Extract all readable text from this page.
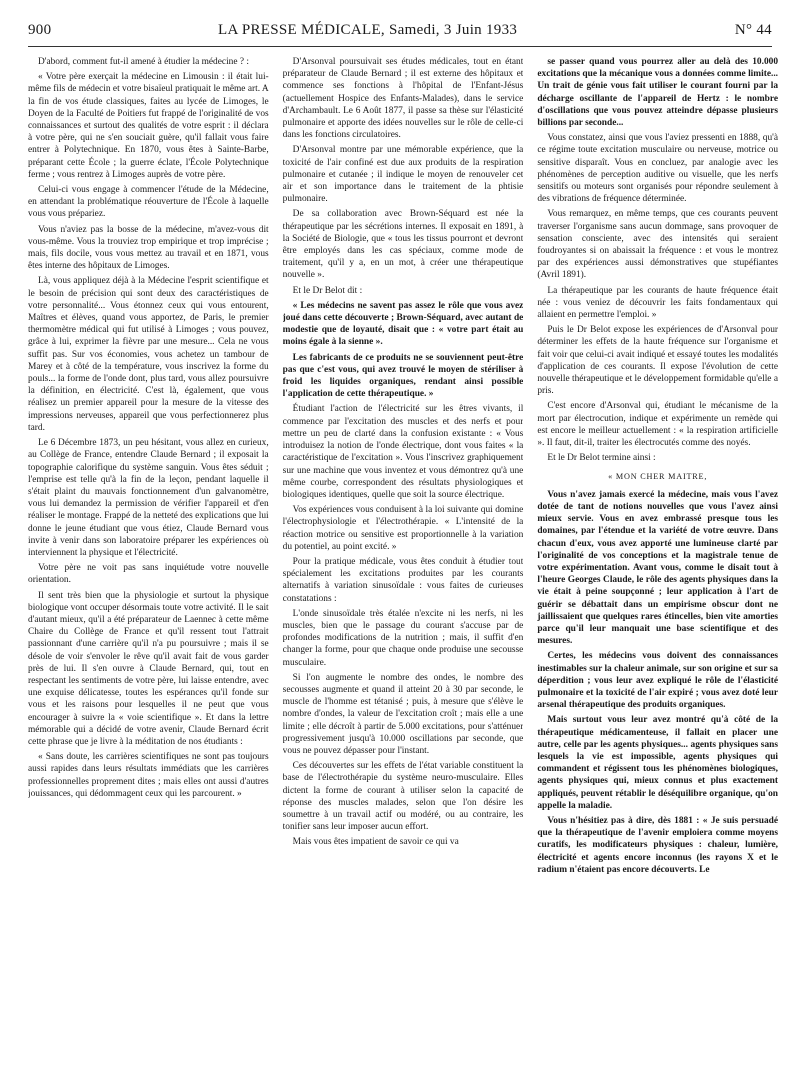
900	LA PRESSE MÉDICALE, Samedi, 3 Juin 1933	N° 44

D'abord, comment fut-il amené à étudier la médecine ? :

« Votre père exerçait la médecine en Limousin : il était lui-même fils de médecin et votre bisaïeul pratiquait le même art. A la fin de vos étude classiques, faites au lycée de Limoges, le Doyen de la Faculté de Poitiers fut frappé de l'originalité de vos connaissances et surtout des qualités de votre esprit : il déclara à votre père, qui ne s'en souciait guère, qu'il fallait vous faire entrer à Polytechnique. En 1870, vous êtes à Sainte-Barbe, préparant cette École ; la guerre éclate, l'École Polytechnique ferme ; vous rentrez à Limoges auprès de votre père.

Celui-ci vous engage à commencer l'étude de la Médecine, en attendant la problématique réouverture de l'École à laquelle vous vous prépariez.

Vous n'aviez pas la bosse de la médecine, m'avez-vous dit vous-même. Vous la trouviez trop empirique et trop imprécise ; mais, fils docile, vous vous mettez au travail et en 1871, vous êtes interne des hôpitaux de Limoges.

Là, vous appliquez déjà à la Médecine l'esprit scientifique et le besoin de précision qui sont deux des caractéristiques de votre personnalité... Vous étonnez ceux qui vous entourent, Maîtres et élèves, quand vous apportez, de Paris, le premier thermomètre médical qui fut utilisé à Limoges ; vous pouvez, grâce à lui, exprimer la fièvre par une mesure... Cela ne vous suffit pas. Sur vos économies, vous achetez un tambour de Marey et à côté de la température, vous inscrivez la forme du pouls... la forme de l'onde dont, plus tard, vous allez poursuivre la définition, en électricité. C'est là, également, que vous réalisez un premier appareil pour la mesure de la vitesse des impressions nerveuses, appareil que vous perfectionnerez plus tard.

Le 6 Décembre 1873, un peu hésitant, vous allez en curieux, au Collège de France, entendre Claude Bernard ; il exposait la topographie calorifique du système sanguin. Vous êtes séduit ; l'emprise est telle qu'à la fin de la leçon, pendant laquelle il s'était plaint du mauvais fonctionnement d'un galvanomètre, vous lui demandez la permission de vérifier l'appareil et d'en réaliser le montage. Frappé de la netteté des explications que lui donne le jeune étudiant que vous étiez, Claude Bernard vous invite à venir dans son laboratoire préparer les expériences où interviennent la physique et l'électricité.

Votre père ne voit pas sans inquiétude votre nouvelle orientation.

Il sent très bien que la physiologie et surtout la physique biologique vont occuper désormais toute votre activité. Il le sait d'autant mieux, qu'il a été préparateur de Laennec à cette même Chaire du Collège de France et qu'il ressent tout l'attrait passionnant d'une carrière qu'il n'a pu poursuivre ; mais il se désole de voir s'envoler le rêve qu'il avait fait de vous garder près de lui. Il s'en ouvre à Claude Bernard, qui, tout en respectant les sentiments de votre père, lui laisse entendre, avec une exquise délicatesse, toutes les espérances qu'il fonde sur vous et les raisons pour lesquelles il ne peut que vous encourager à suivre la « voie scientifique ». Et dans la lettre mémorable qui a décidé de votre avenir, Claude Bernard écrit cette phrase que je livre à la méditation de nos étudiants :

« Sans doute, les carrières scientifiques ne sont pas toujours aussi rapides dans leurs résultats immédiats que les carrières professionnelles proprement dites ; mais elles ont aussi d'autres jouissances, qui dédommagent ceux qui les parcourent. »

D'Arsonval poursuivait ses études médicales, tout en étant préparateur de Claude Bernard ; il est externe des hôpitaux et commence ses fonctions à l'hôpital de l'Enfant-Jésus (actuellement Hospice des Enfants-Malades), dans le service d'Archambault. Le 6 Août 1877, il passe sa thèse sur l'élasticité pulmonaire et apporte des idées nouvelles sur le rôle de celle-ci dans les fonctions circulatoires.

D'Arsonval montre par une mémorable expérience, que la toxicité de l'air confiné est due aux produits de la respiration pulmonaire et cutanée ; il indique le moyen de renouveler cet air et son importance dans le traitement de la phtisie pulmonaire.

De sa collaboration avec Brown-Séquard est née la thérapeutique par les sécrétions internes. Il exposait en 1891, à la Société de Biologie, que « tous les tissus pourront et devront être employés dans les cas spéciaux, comme mode de traitement, qu'il y a, en un mot, à créer une thérapeutique nouvelle ».

Et le Dr Belot dit :

« Les médecins ne savent pas assez le rôle que vous avez joué dans cette découverte ; Brown-Séquard, avec autant de modestie que de loyauté, disait que : « votre part était au moins égale à la sienne ».

Les fabricants de ce produits ne se souviennent peut-être pas que c'est vous, qui avez trouvé le moyen de stériliser à froid les liquides organiques, rendant ainsi possible l'application de cette thérapeutique. »

Étudiant l'action de l'électricité sur les êtres vivants, il commence par l'excitation des muscles et des nerfs et pour mettre un peu de clarté dans la confusion existante : « Vous introduisez la notion de l'onde électrique, dont vous faites « la caractéristique de l'excitation ». Vous l'inscrivez graphiquement sur une machine que vous inventez et vous démontrez qu'à une même courbe, correspondent des résultats physiologiques et biologiques identiques, quelle que soit la source électrique.

Vos expériences vous conduisent à la loi suivante qui domine l'électrophysiologie et l'électrothérapie. « L'intensité de la réaction motrice ou sensitive est proportionnelle à la variation du potentiel, au point excité. »

Pour la pratique médicale, vous êtes conduit à étudier tout spécialement les excitations produites par les courants alternatifs à variation sinusoïdale : vous faites de curieuses constatations :

L'onde sinusoïdale très étalée n'excite ni les nerfs, ni les muscles, bien que le passage du courant s'accuse par de profondes modifications de la nutrition ; mais, il suffit d'en changer la forme, pour que chaque onde produise une secousse musculaire.

Si l'on augmente le nombre des ondes, le nombre des secousses augmente et quand il atteint 20 à 30 par seconde, le muscle de l'homme est tétanisé ; puis, à mesure que s'élève le nombre d'ondes, la valeur de l'excitation croît ; mais elle a une limite ; elle décroît à partir de 5.000 excitations, pour s'atténuer progressivement jusqu'à 10.000 oscillations par seconde, que vous ne pouvez dépasser pour l'instant.

Ces découvertes sur les effets de l'état variable constituent la base de l'électrothérapie du système neuro-musculaire. Elles dictent la forme de courant à utiliser selon la capacité de réponse des muscles malades, selon que l'on désire les soumettre à un travail actif ou modéré, ou au contraire, les tonifier sans leur imposer aucun effort.

Mais vous êtes impatient de savoir ce qui va

se passer quand vous pourrez aller au delà des 10.000 excitations que la mécanique vous a données comme limite... Un trait de génie vous fait utiliser le courant fourni par la décharge oscillante de l'appareil de Hertz : le nombre d'oscillations que vous pouvez atteindre dépasse plusieurs billions par seconde...

Vous constatez, ainsi que vous l'aviez pressenti en 1888, qu'à ce régime toute excitation musculaire ou nerveuse, motrice ou sensitive disparaît. Vous en concluez, par analogie avec les phénomènes de perception auditive ou visuelle, que les nerfs sensitifs ou moteurs sont organisés pour répondre seulement à des vibrations de fréquence déterminée.

Vous remarquez, en même temps, que ces courants peuvent traverser l'organisme sans aucun dommage, sans provoquer de sensation consciente, avec des intensités qui seraient foudroyantes si on abaissait la fréquence : et vous le montrez par des expériences aussi démonstratives que stupéfiantes (Avril 1891).

La thérapeutique par les courants de haute fréquence était née : vous veniez de découvrir les faits fondamentaux qui allaient en permettre l'emploi. »

Puis le Dr Belot expose les expériences de d'Arsonval pour déterminer les effets de la haute fréquence sur l'organisme et fait voir que celui-ci avait indiqué et essayé toutes les modalités d'application de ces courants. Il expose l'évolution de cette nouvelle thérapeutique et le développement formidable qu'elle a pris.

C'est encore d'Arsonval qui, étudiant le mécanisme de la mort par électrocution, indique et expérimente un remède qui est encore le meilleur actuellement : « la respiration artificielle ». Il faut, dit-il, traiter les électrocutés comme des noyés.

Et le Dr Belot termine ainsi :

« MON CHER MAITRE,

Vous n'avez jamais exercé la médecine, mais vous l'avez dotée de tant de notions nouvelles que vous l'avez ainsi mieux servie. Vous en avez embrassé presque tous les domaines, par l'étendue et la variété de votre œuvre. Dans chacun d'eux, vous avez apporté une lumineuse clarté par l'originalité de vos conceptions et la magistrale tenue de votre expérimentation. Avant vous, comme le disait tout à l'heure Georges Claude, le rôle des agents physiques dans la vie était à peine soupçonné ; leur application à l'art de guérir se débattait dans un empirisme obscur dont ne jaillissaient que quelques rares étincelles, bien vite amorties parce qu'il leur manquait une base scientifique et des mesures.

Certes, les médecins vous doivent des connaissances inestimables sur la chaleur animale, sur son origine et sur sa déperdition ; vous leur avez expliqué le rôle de l'élasticité pulmonaire et la toxicité de l'air expiré ; vous avez doté leur arsenal thérapeutique des produits organiques.

Mais surtout vous leur avez montré qu'à côté de la thérapeutique médicamenteuse, il fallait en placer une autre, celle par les agents physiques... agents physiques sans lesquels la vie est impossible, agents physiques qui commandent et régissent tous les phénomènes biologiques, agents physiques qui, mieux connus et plus exactement appliqués, peuvent rétablir le déséquilibre organique, qu'on appelle la maladie.

Vous n'hésitiez pas à dire, dès 1881 : « Je suis persuadé que la thérapeutique de l'avenir emploiera comme moyens curatifs, les modificateurs physiques : chaleur, lumière, électricité et agents encore inconnus (les rayons X et le radium n'étaient pas encore découverts. Le
